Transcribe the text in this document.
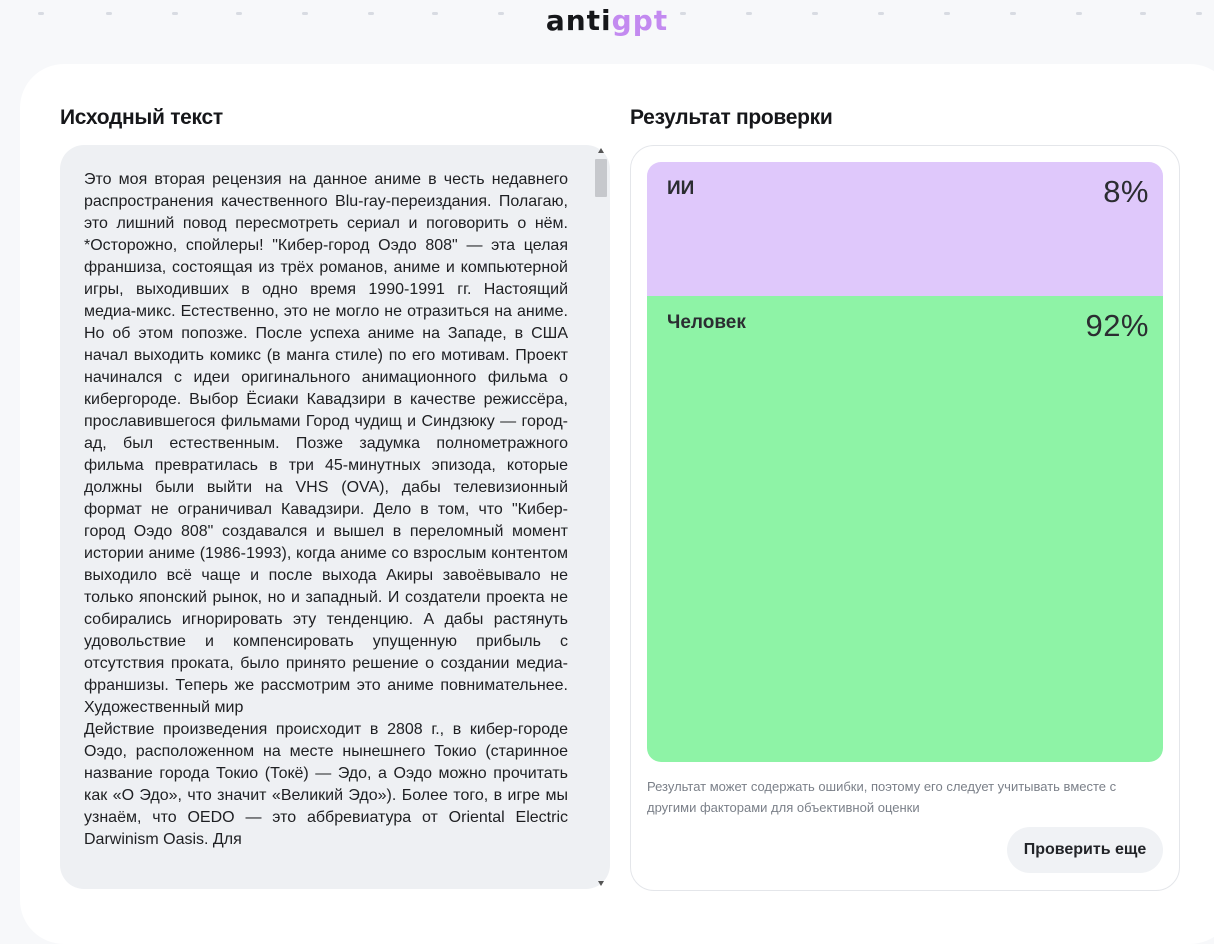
antigpt
Исходный текст	Результат проверки

Это моя вторая рецензия на данное аниме в честь недавнего распространения качественного Blu-ray-переиздания. Полагаю, это лишний повод пересмотреть сериал и поговорить о нём. *Осторожно, спойлеры! "Кибер-город Оэдо 808" — эта целая франшиза, состоящая из трёх романов, аниме и компьютерной игры, выходивших в одно время 1990-1991 гг. Настоящий медиа-микс. Естественно, это не могло не отразиться на аниме. Но об этом попозже. После успеха аниме на Западе, в США начал выходить комикс (в манга стиле) по его мотивам. Проект начинался с идеи оригинального анимационного фильма о кибергороде. Выбор Ёсиаки Кавадзири в качестве режиссёра, прославившегося фильмами Город чудищ и Синдзюку — город-ад, был естественным. Позже задумка полнометражного фильма превратилась в три 45-минутных эпизода, которые должны были выйти на VHS (OVA), дабы телевизионный формат не ограничивал Кавадзири. Дело в том, что "Кибер-город Оэдо 808" создавался и вышел в переломный момент истории аниме (1986-1993), когда аниме со взрослым контентом выходило всё чаще и после выхода Акиры завоёвывало не только японский рынок, но и западный. И создатели проекта не собирались игнорировать эту тенденцию. А дабы растянуть удовольствие и компенсировать упущенную прибыль с отсутствия проката, было принято решение о создании медиа-франшизы. Теперь же рассмотрим это аниме повнимательнее. Художественный мир

Действие произведения происходит в 2808 г., в кибер-городе Оэдо, расположенном на месте нынешнего Токио (старинное название города Токио (Токё) — Эдо, а Оэдо можно прочитать как «О Эдо», что значит «Великий Эдо»). Более того, в игре мы узнаём, что OEDO — это аббревиатура от Oriental Electric Darwinism Oasis. Для

ИИ	8%
Человек	92%
Результат может содержать ошибки, поэтому его следует учитывать вместе с другими факторами для объективной оценки
Проверить еще
